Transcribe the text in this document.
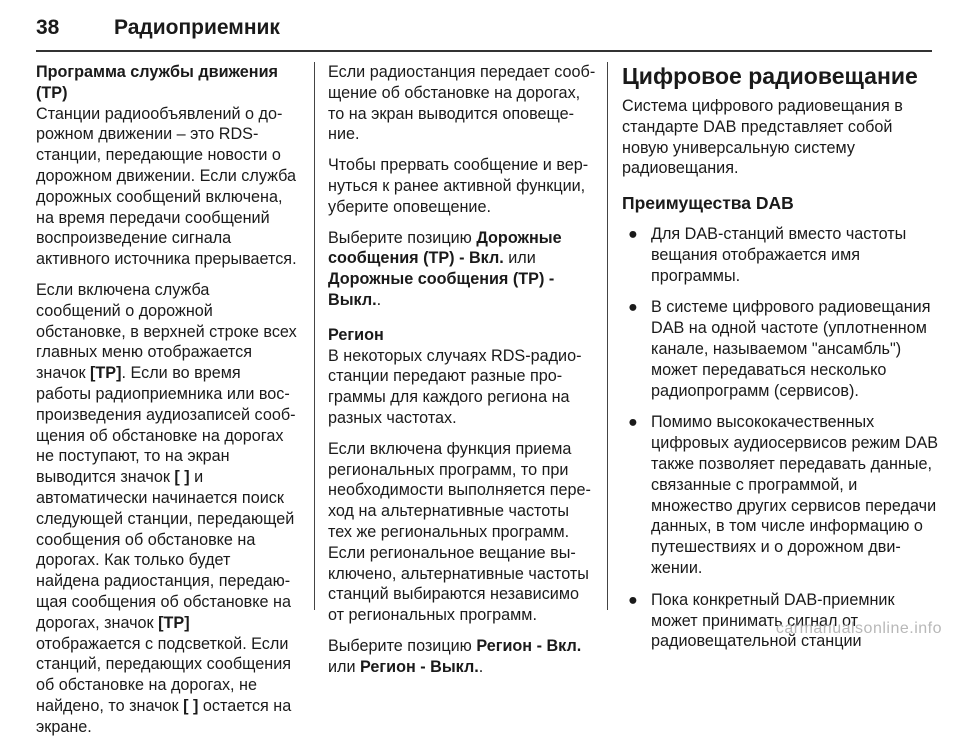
38	Радиоприемник

Программа службы движения (TP)
Станции радиообъявлений о дорожном движении – это RDS-станции, передающие новости о дорожном движении. Если служба дорожных сообщений включена, на время передачи сообщений воспроизведение сигнала активного источника прерывается.

Если включена служба сообщений о дорожной обстановке, в верхней строке всех главных меню отображается значок [TP]. Если во время работы радиоприемника или воспроизведения аудиозаписей сообщения об обстановке на дорогах не поступают, то на экран выводится значок [ ] и автоматически начинается поиск следующей станции, передающей сообщения об обстановке на дорогах. Как только будет найдена радиостанция, передающая сообщения об обстановке на дорогах, значок [TP] отображается с подсветкой. Если станций, передающих сообщения об обстановке на дорогах, не найдено, то значок [ ] остается на экране.

Если радиостанция передает сообщение об обстановке на дорогах, то на экран выводится оповещение.

Чтобы прервать сообщение и вернуться к ранее активной функции, уберите оповещение.

Выберите позицию Дорожные сообщения (TP) - Вкл. или
Дорожные сообщения (TP) - Выкл..

Регион
В некоторых случаях RDS-радиостанции передают разные программы для каждого региона на разных частотах.

Если включена функция приема региональных программ, то при необходимости выполняется переход на альтернативные частоты тех же региональных программ. Если региональное вещание выключено, альтернативные частоты станций выбираются независимо от региональных программ.

Выберите позицию Регион - Вкл.
или Регион - Выкл..

Цифровое радиовещание

Система цифрового радиовещания в стандарте DAB представляет собой новую универсальную систему радиовещания.

Преимущества DAB
● Для DAB-станций вместо частоты вещания отображается имя программы.
● В системе цифрового радиовещания DAB на одной частоте (уплотненном канале, называемом "ансамбль") может передаваться несколько радиопрограмм (сервисов).
● Помимо высококачественных цифровых аудиосервисов режим DAB также позволяет передавать данные, связанные с программой, и множество других сервисов передачи данных, в том числе информацию о путешествиях и о дорожном движении.
● Пока конкретный DAB-приемник может принимать сигнал от радиовещательной станции
carmanualsonline.info
